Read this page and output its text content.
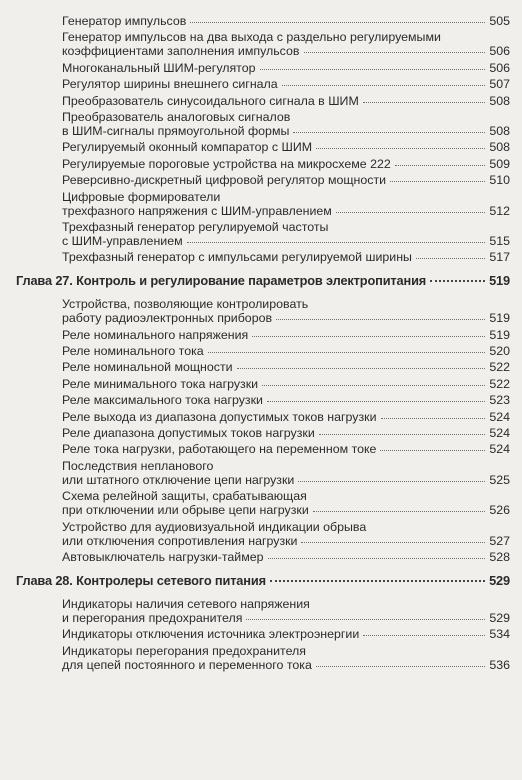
Генератор импульсов	505
Генератор импульсов на два выхода с раздельно регулируемыми
коэффициентами заполнения импульсов	506
Многоканальный ШИМ-регулятор	506
Регулятор ширины внешнего сигнала	507
Преобразователь синусоидального сигнала в ШИМ	508
Преобразователь аналоговых сигналов
в ШИМ-сигналы прямоугольной формы	508
Регулируемый оконный компаратор с ШИМ	508
Регулируемые пороговые устройства на микросхеме 222	509
Реверсивно-дискретный цифровой регулятор мощности	510
Цифровые формирователи
трехфазного напряжения с ШИМ-управлением	512
Трехфазный генератор регулируемой частоты
с ШИМ-управлением	515
Трехфазный генератор с импульсами регулируемой ширины	517
Глава 27. Контроль и регулирование параметров электропитания	519
Устройства, позволяющие контролировать
работу радиоэлектронных приборов	519
Реле номинального напряжения	519
Реле номинального тока	520
Реле номинальной мощности	522
Реле минимального тока нагрузки	522
Реле максимального тока нагрузки	523
Реле выхода из диапазона допустимых токов нагрузки	524
Реле диапазона допустимых токов нагрузки	524
Реле тока нагрузки, работающего на переменном токе	524
Последствия непланового
или штатного отключение цепи нагрузки	525
Схема релейной защиты, срабатывающая
при отключении или обрыве цепи нагрузки	526
Устройство для аудиовизуальной индикации обрыва
или отключения сопротивления нагрузки	527
Автовыключатель нагрузки-таймер	528
Глава 28. Контролеры сетевого питания	529
Индикаторы наличия сетевого напряжения
и перегорания предохранителя	529
Индикаторы отключения источника электроэнергии	534
Индикаторы перегорания предохранителя
для цепей постоянного и переменного тока	536
